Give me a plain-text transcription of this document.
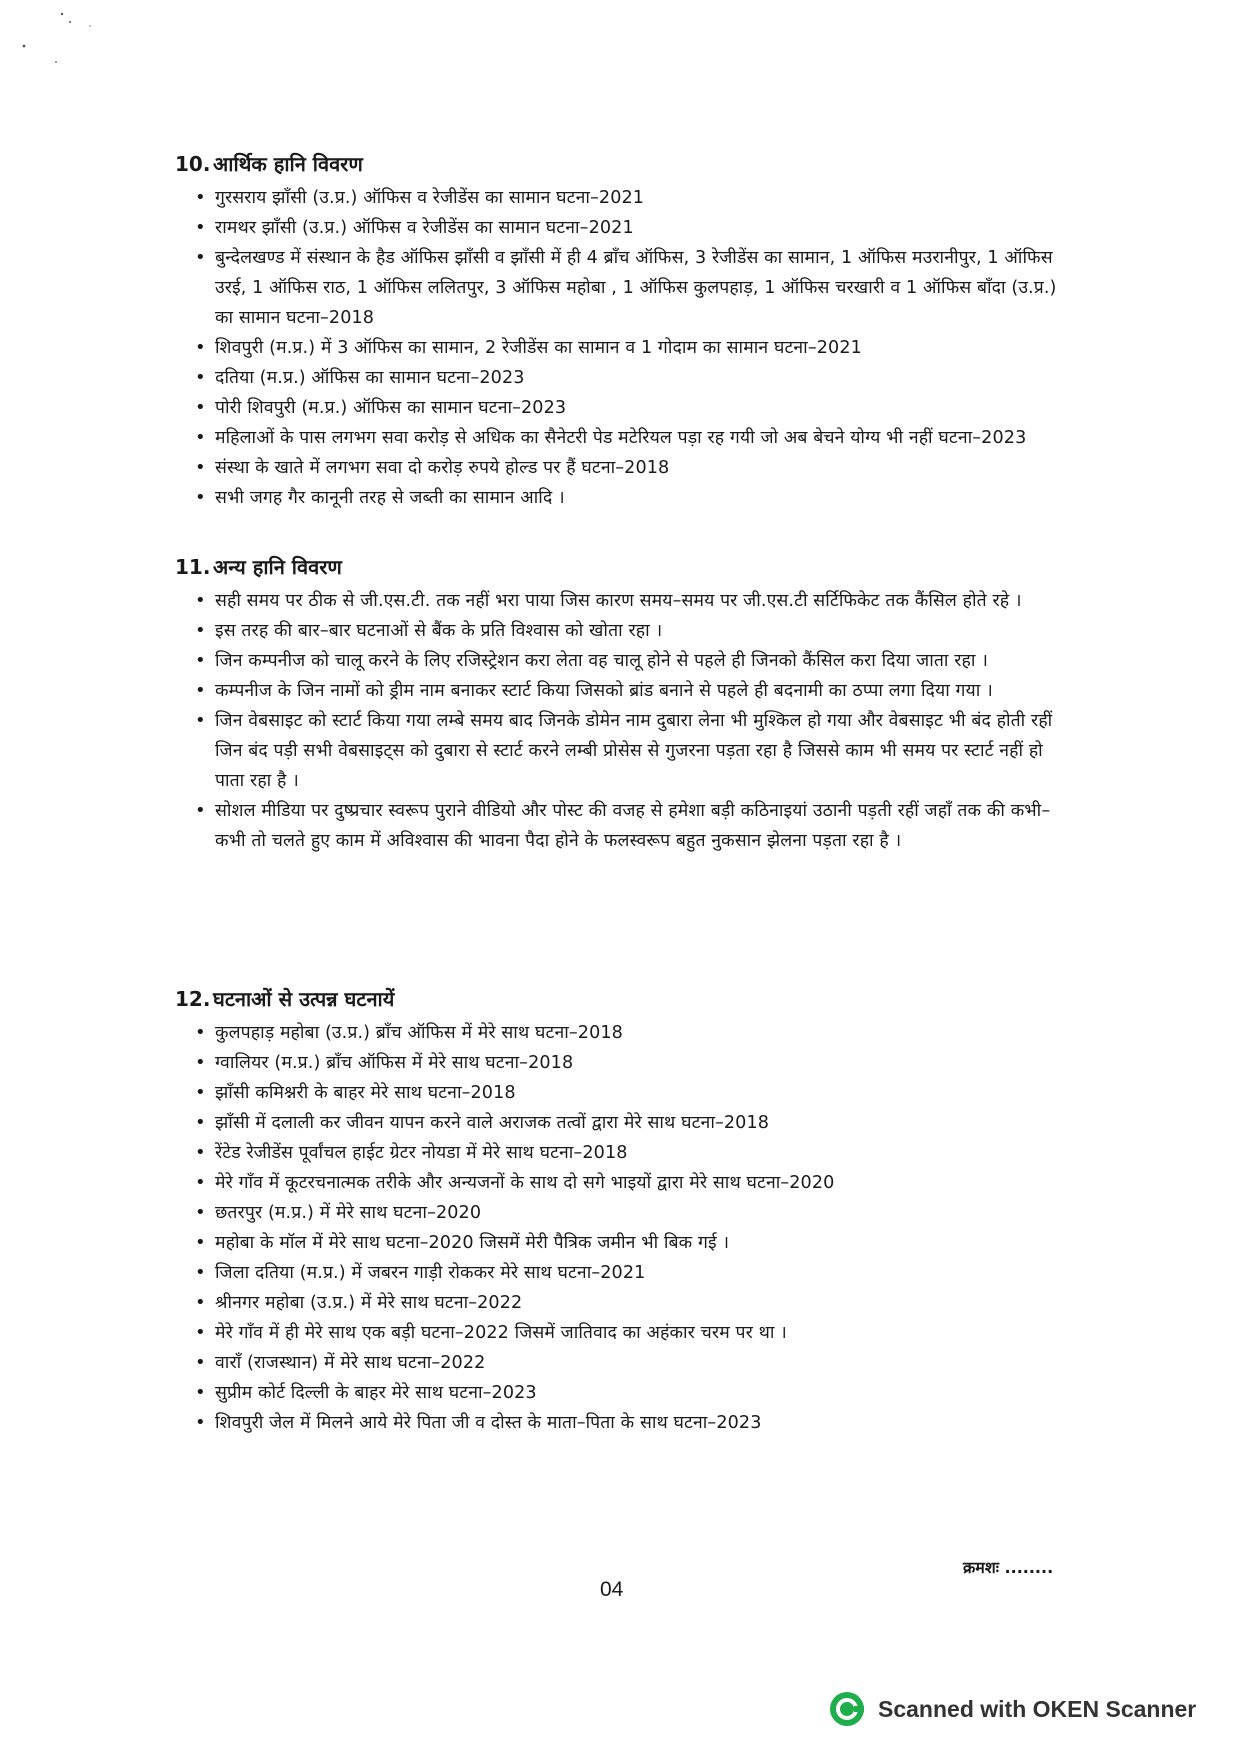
10. आर्थिक हानि विवरण
• गुरसराय झाँसी (उ.प्र.) ऑफिस व रेजीडेंस का सामान घटना–2021
• रामथर झाँसी (उ.प्र.) ऑफिस व रेजीडेंस का सामान घटना–2021
• बुन्देलखण्ड में संस्थान के हैड ऑफिस झाँसी व झाँसी में ही 4 ब्राँच ऑफिस, 3 रेजीडेंस का सामान, 1 ऑफिस मउरानीपुर, 1 ऑफिस उरई, 1 ऑफिस राठ, 1 ऑफिस ललितपुर, 3 ऑफिस महोबा , 1 ऑफिस कुलपहाड़, 1 ऑफिस चरखारी व 1 ऑफिस बाँदा (उ.प्र.) का सामान घटना–2018
• शिवपुरी (म.प्र.) में 3 ऑफिस का सामान, 2 रेजीडेंस का सामान व 1 गोदाम का सामान घटना–2021
• दतिया (म.प्र.) ऑफिस का सामान घटना–2023
• पोरी शिवपुरी (म.प्र.) ऑफिस का सामान घटना–2023
• महिलाओं के पास लगभग सवा करोड़ से अधिक का सैनेटरी पेड मटेरियल पड़ा रह गयी जो अब बेचने योग्य भी नहीं घटना–2023
• संस्था के खाते में लगभग सवा दो करोड़ रुपये होल्ड पर हैं घटना–2018
• सभी जगह गैर कानूनी तरह से जब्ती का सामान आदि ।
11. अन्य हानि विवरण
• सही समय पर ठीक से जी.एस.टी. तक नहीं भरा पाया जिस कारण समय–समय पर जी.एस.टी सर्टिफिकेट तक कैंसिल होते रहे ।
• इस तरह की बार–बार घटनाओं से बैंक के प्रति विश्वास को खोता रहा ।
• जिन कम्पनीज को चालू करने के लिए रजिस्ट्रेशन करा लेता वह चालू होने से पहले ही जिनको कैंसिल करा दिया जाता रहा ।
• कम्पनीज के जिन नामों को ड्रीम नाम बनाकर स्टार्ट किया जिसको ब्रांड बनाने से पहले ही बदनामी का ठप्पा लगा दिया गया ।
• जिन वेबसाइट को स्टार्ट किया गया लम्बे समय बाद जिनके डोमेन नाम दुबारा लेना भी मुश्किल हो गया और वेबसाइट भी बंद होती रहीं जिन बंद पड़ी सभी वेबसाइट्स को दुबारा से स्टार्ट करने लम्बी प्रोसेस से गुजरना पड़ता रहा है जिससे काम भी समय पर स्टार्ट नहीं हो पाता रहा है ।
• सोशल मीडिया पर दुष्प्रचार स्वरूप पुराने वीडियो और पोस्ट की वजह से हमेशा बड़ी कठिनाइयां उठानी पड़ती रहीं जहाँ तक की कभी–कभी तो चलते हुए काम में अविश्वास की भावना पैदा होने के फलस्वरूप बहुत नुकसान झेलना पड़ता रहा है ।
12. घटनाओं से उत्पन्न घटनायें
• कुलपहाड़ महोबा (उ.प्र.) ब्राँच ऑफिस में मेरे साथ घटना–2018
• ग्वालियर (म.प्र.) ब्राँच ऑफिस में मेरे साथ घटना–2018
• झाँसी कमिश्नरी के बाहर मेरे साथ घटना–2018
• झाँसी में दलाली कर जीवन यापन करने वाले अराजक तत्वों द्वारा मेरे साथ घटना–2018
• रेंटेड रेजीडेंस पूर्वांचल हाईट ग्रेटर नोयडा में मेरे साथ घटना–2018
• मेरे गाँव में कूटरचनात्मक तरीके और अन्यजनों के साथ दो सगे भाइयों द्वारा मेरे साथ घटना–2020
• छतरपुर (म.प्र.) में मेरे साथ घटना–2020
• महोबा के मॉल में मेरे साथ घटना–2020 जिसमें मेरी पैत्रिक जमीन भी बिक गई ।
• जिला दतिया (म.प्र.) में जबरन गाड़ी रोककर मेरे साथ घटना–2021
• श्रीनगर महोबा (उ.प्र.) में मेरे साथ घटना–2022
• मेरे गाँव में ही मेरे साथ एक बड़ी घटना–2022 जिसमें जातिवाद का अहंकार चरम पर था ।
• वाराँ (राजस्थान) में मेरे साथ घटना–2022
• सुप्रीम कोर्ट दिल्ली के बाहर मेरे साथ घटना–2023
• शिवपुरी जेल में मिलने आये मेरे पिता जी व दोस्त के माता–पिता के साथ घटना–2023
क्रमशः ........
04
Scanned with OKEN Scanner
